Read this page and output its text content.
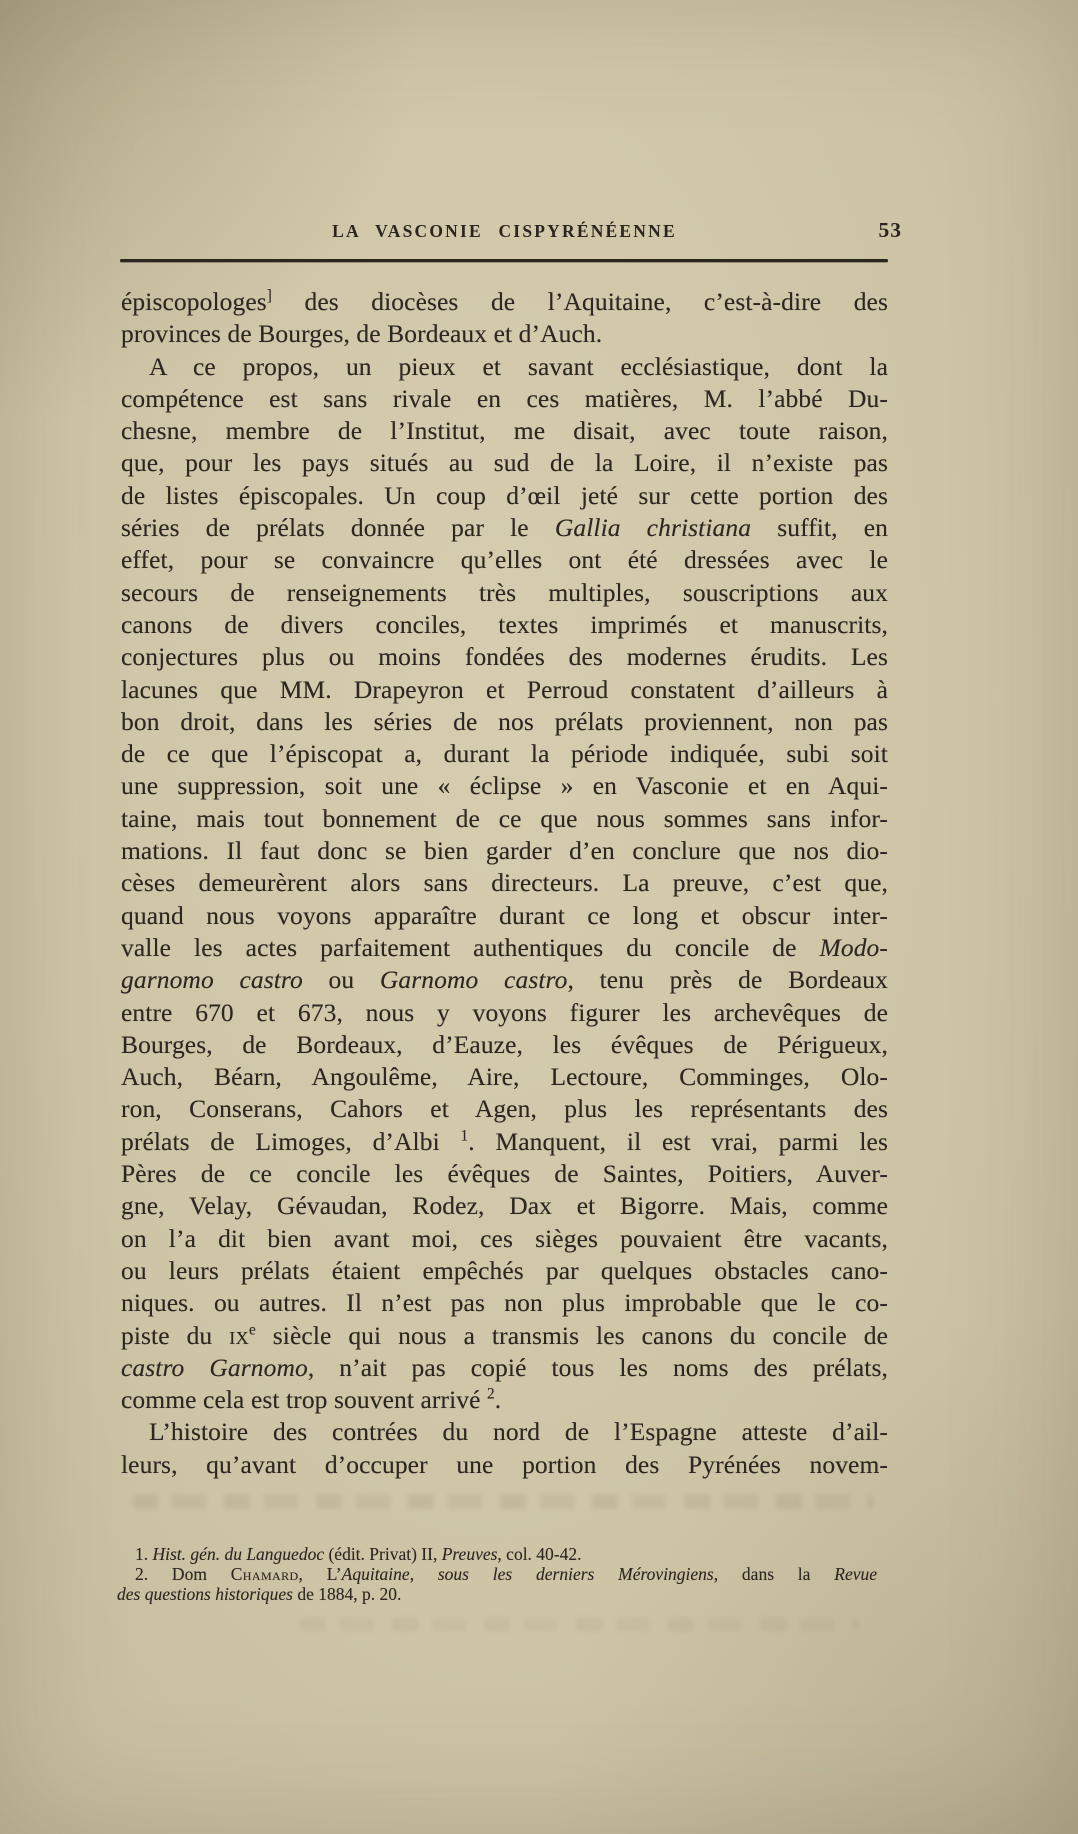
LA VASCONIE CISPYRÉNÉENNE	53
épiscopologes] des diocèses de l’Aquitaine, c’est-à-dire des
provinces de Bourges, de Bordeaux et d’Auch.
A ce propos, un pieux et savant ecclésiastique, dont la
compétence est sans rivale en ces matières, M. l’abbé Du-
chesne, membre de l’Institut, me disait, avec toute raison,
que, pour les pays situés au sud de la Loire, il n’existe pas
de listes épiscopales. Un coup d’œil jeté sur cette portion des
séries de prélats donnée par le Gallia christiana suffit, en
effet, pour se convaincre qu’elles ont été dressées avec le
secours de renseignements très multiples, souscriptions aux
canons de divers conciles, textes imprimés et manuscrits,
conjectures plus ou moins fondées des modernes érudits. Les
lacunes que MM. Drapeyron et Perroud constatent d’ailleurs à
bon droit, dans les séries de nos prélats proviennent, non pas
de ce que l’épiscopat a, durant la période indiquée, subi soit
une suppression, soit une « éclipse » en Vasconie et en Aqui-
taine, mais tout bonnement de ce que nous sommes sans infor-
mations. Il faut donc se bien garder d’en conclure que nos dio-
cèses demeurèrent alors sans directeurs. La preuve, c’est que,
quand nous voyons apparaître durant ce long et obscur inter-
valle les actes parfaitement authentiques du concile de Modo-
garnomo castro ou Garnomo castro, tenu près de Bordeaux
entre 670 et 673, nous y voyons figurer les archevêques de
Bourges, de Bordeaux, d’Eauze, les évêques de Périgueux,
Auch, Béarn, Angoulême, Aire, Lectoure, Comminges, Olo-
ron, Conserans, Cahors et Agen, plus les représentants des
prélats de Limoges, d’Albi $^1$. Manquent, il est vrai, parmi les
Pères de ce concile les évêques de Saintes, Poitiers, Auver-
gne, Velay, Gévaudan, Rodez, Dax et Bigorre. Mais, comme
on l’a dit bien avant moi, ces sièges pouvaient être vacants,
ou leurs prélats étaient empêchés par quelques obstacles cano-
niques. ou autres. Il n’est pas non plus improbable que le co-
piste du $ix^e$ siècle qui nous a transmis les canons du concile de
castro Garnomo, n’ait pas copié tous les noms des prélats,
comme cela est trop souvent arrivé $^2$.
L’histoire des contrées du nord de l’Espagne atteste d’ail-
leurs, qu’avant d’occuper une portion des Pyrénées novem-
1. Hist. gén. du Languedoc (édit. Privat) II, Preuves, col. 40-42.
2. Dom Chamard, L’Aquitaine, sous les derniers Mérovingiens, dans la Revue
des questions historiques de 1884, p. 20.
